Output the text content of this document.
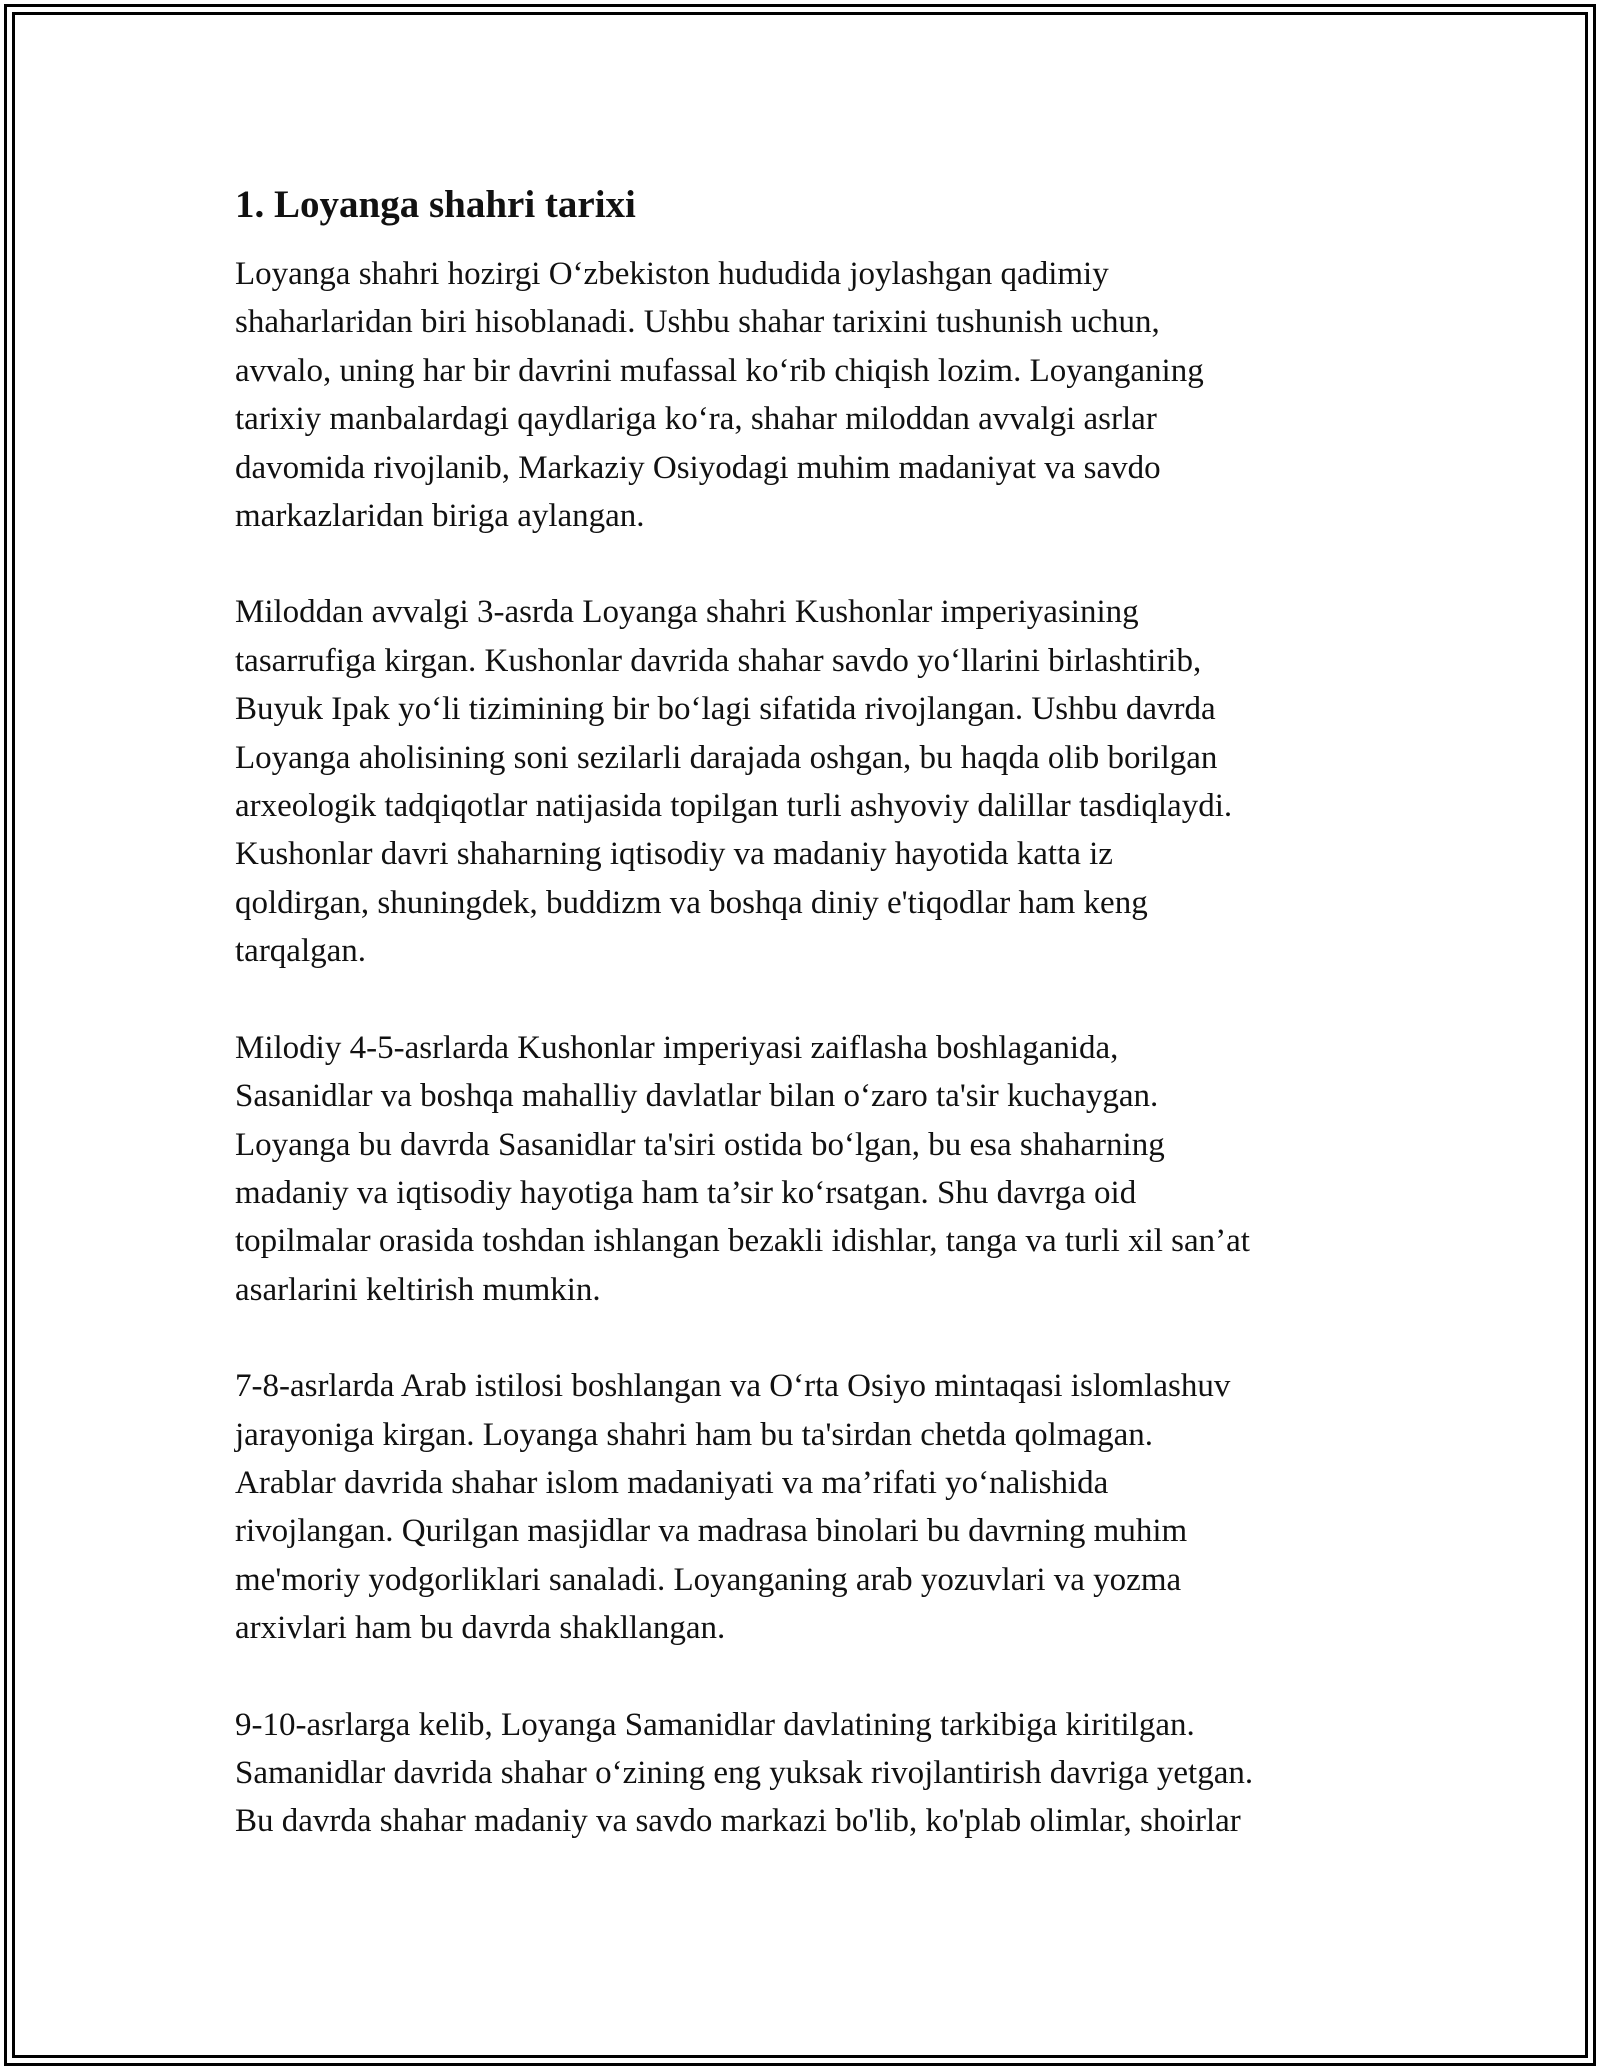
1. Loyanga shahri tarixi

Loyanga shahri hozirgi O‘zbekiston hududida joylashgan qadimiy
shaharlaridan biri hisoblanadi. Ushbu shahar tarixini tushunish uchun,
avvalo, uning har bir davrini mufassal ko‘rib chiqish lozim. Loyanganing
tarixiy manbalardagi qaydlariga ko‘ra, shahar miloddan avvalgi asrlar
davomida rivojlanib, Markaziy Osiyodagi muhim madaniyat va savdo
markazlaridan biriga aylangan.

Miloddan avvalgi 3-asrda Loyanga shahri Kushonlar imperiyasining
tasarrufiga kirgan. Kushonlar davrida shahar savdo yo‘llarini birlashtirib,
Buyuk Ipak yo‘li tizimining bir bo‘lagi sifatida rivojlangan. Ushbu davrda
Loyanga aholisining soni sezilarli darajada oshgan, bu haqda olib borilgan
arxeologik tadqiqotlar natijasida topilgan turli ashyoviy dalillar tasdiqlaydi.
Kushonlar davri shaharning iqtisodiy va madaniy hayotida katta iz
qoldirgan, shuningdek, buddizm va boshqa diniy e'tiqodlar ham keng
tarqalgan.

Milodiy 4-5-asrlarda Kushonlar imperiyasi zaiflasha boshlaganida,
Sasanidlar va boshqa mahalliy davlatlar bilan o‘zaro ta'sir kuchaygan.
Loyanga bu davrda Sasanidlar ta'siri ostida bo‘lgan, bu esa shaharning
madaniy va iqtisodiy hayotiga ham ta’sir ko‘rsatgan. Shu davrga oid
topilmalar orasida toshdan ishlangan bezakli idishlar, tanga va turli xil san’at
asarlarini keltirish mumkin.

7-8-asrlarda Arab istilosi boshlangan va O‘rta Osiyo mintaqasi islomlashuv
jarayoniga kirgan. Loyanga shahri ham bu ta'sirdan chetda qolmagan.
Arablar davrida shahar islom madaniyati va ma’rifati yo‘nalishida
rivojlangan. Qurilgan masjidlar va madrasa binolari bu davrning muhim
me'moriy yodgorliklari sanaladi. Loyanganing arab yozuvlari va yozma
arxivlari ham bu davrda shakllangan.

9-10-asrlarga kelib, Loyanga Samanidlar davlatining tarkibiga kiritilgan.
Samanidlar davrida shahar o‘zining eng yuksak rivojlantirish davriga yetgan.
Bu davrda shahar madaniy va savdo markazi bo'lib, ko'plab olimlar, shoirlar
